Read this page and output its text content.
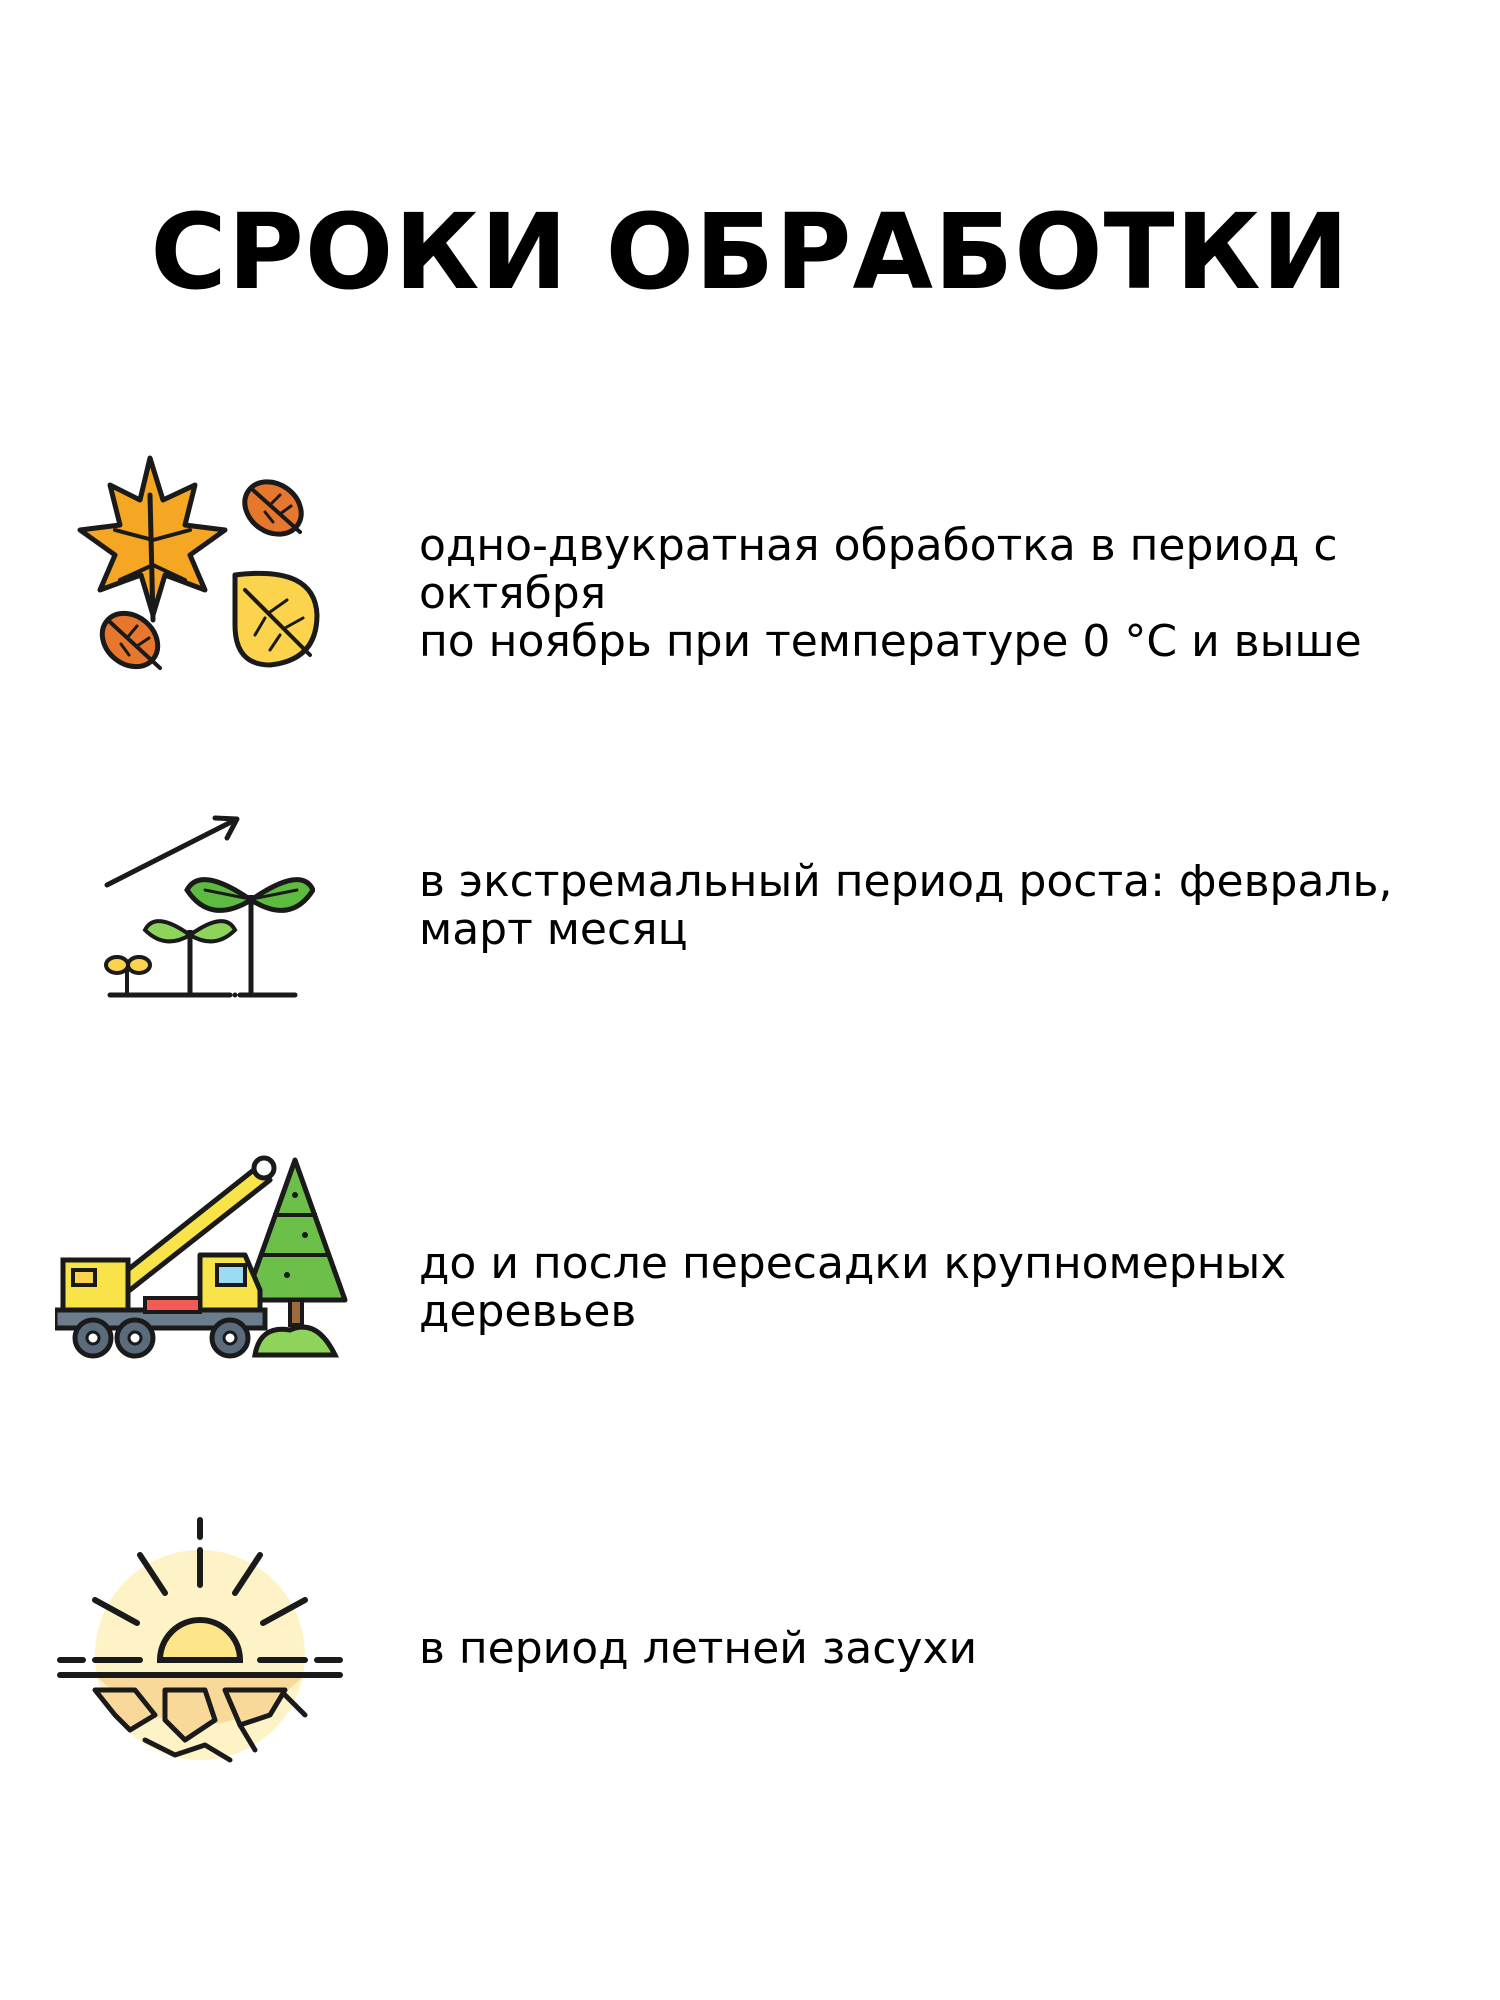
СРОКИ ОБРАБОТКИ
одно-двукратная обработка в период с октября
по ноябрь при температуре 0 °С и выше
в экстремальный период роста: февраль,
март месяц
до и после пересадки крупномерных деревьев
в период летней засухи
